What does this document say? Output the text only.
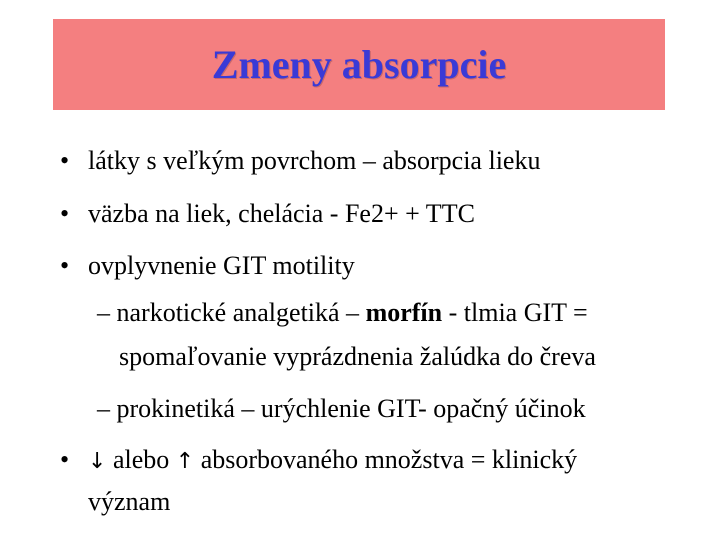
Zmeny absorpcie
• látky s veľkým povrchom – absorpcia lieku

• väzba na liek, chelácia - Fe2+ + TTC

• ovplyvnenie GIT motility

– narkotické analgetiká – morfín - tlmia GIT =

spomaľovanie vyprázdnenia žalúdka do čreva

– prokinetiká – urýchlenie GIT- opačný účinok

• ↓ alebo ↑ absorbovaného množstva = klinický

význam
